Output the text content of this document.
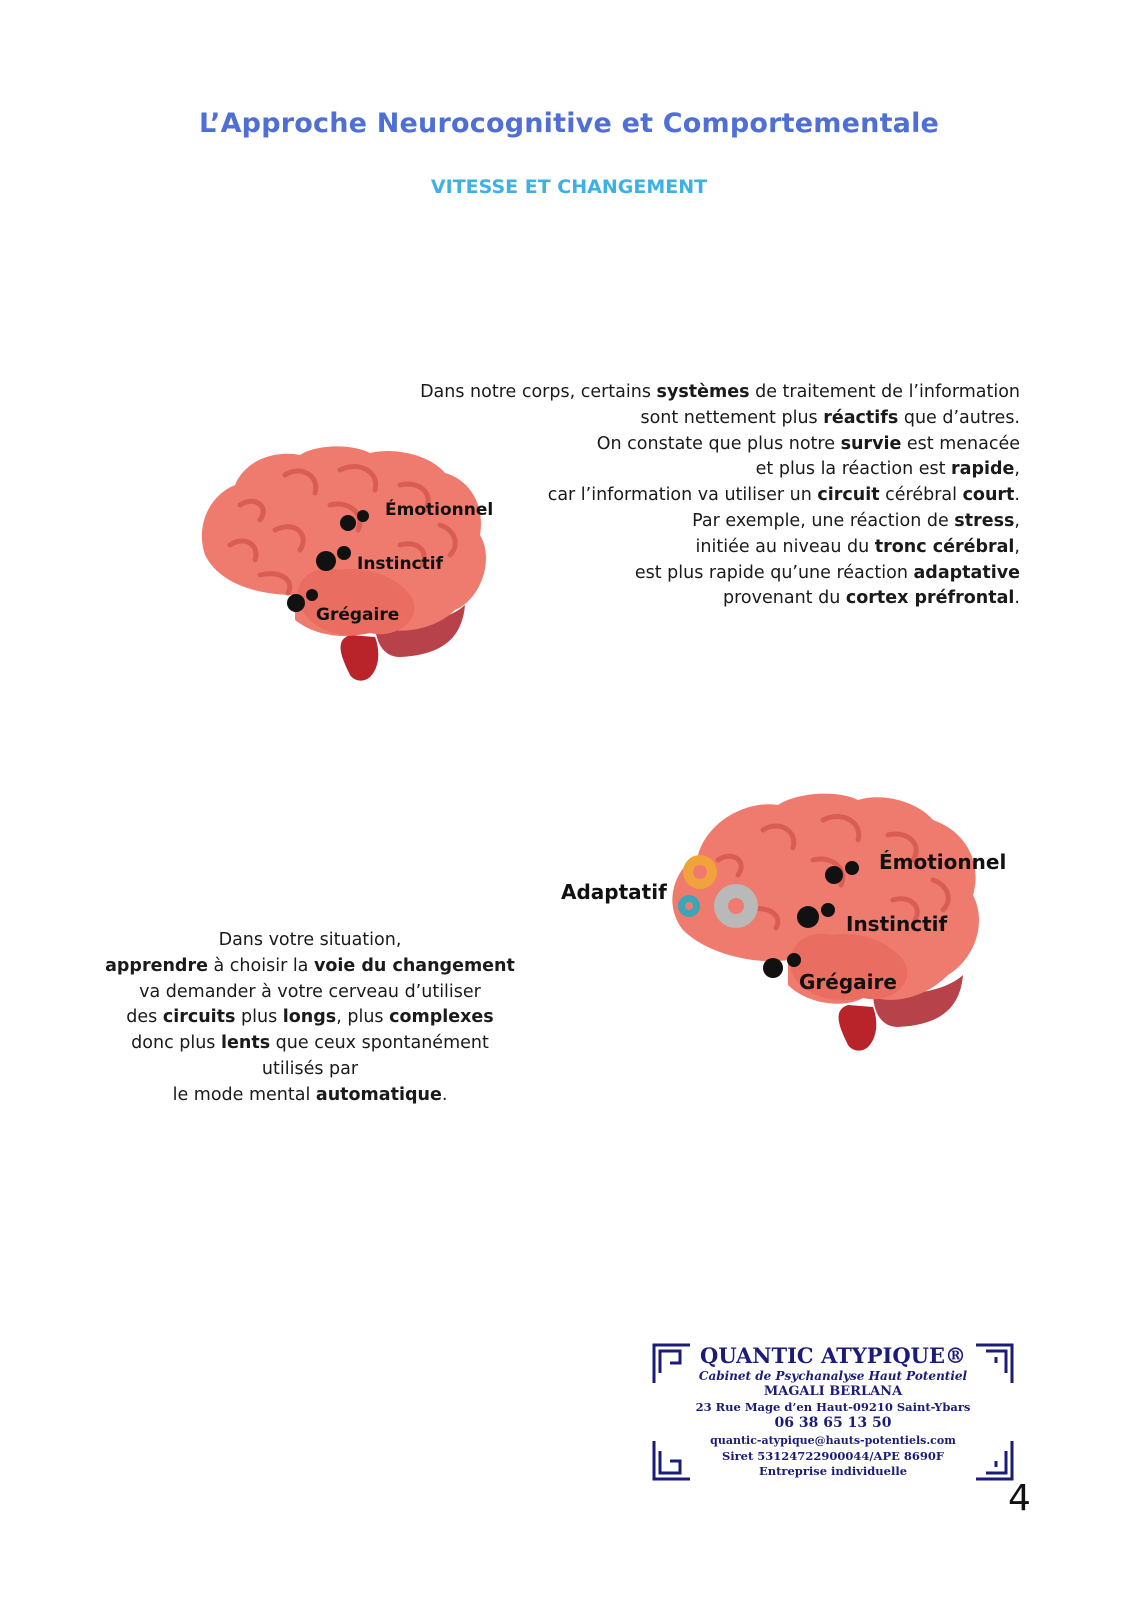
L’Approche Neurocognitive et Comportementale
VITESSE ET CHANGEMENT
Dans notre corps, certains systèmes de traitement de l’information
sont nettement plus réactifs que d’autres.
On constate que plus notre survie est menacée
et plus la réaction est rapide,
car l’information va utiliser un circuit cérébral court.
Par exemple, une réaction de stress,
initiée au niveau du tronc cérébral,
est plus rapide qu’une réaction adaptative
provenant du cortex préfrontal.
Émotionnel
Instinctif
Grégaire
Dans votre situation,
apprendre à choisir la voie du changement
va demander à votre cerveau d’utiliser
des circuits plus longs, plus complexes
donc plus lents que ceux spontanément
utilisés par
le mode mental automatique.
Adaptatif
Émotionnel
Instinctif
Grégaire
QUANTIC ATYPIQUE®
Cabinet de Psychanalyse Haut Potentiel
MAGALI BERLANA
23 Rue Mage d’en Haut-09210 Saint-Ybars
06 38 65 13 50
quantic-atypique@hauts-potentiels.com
Siret 53124722900044/APE 8690F
Entreprise individuelle
4
